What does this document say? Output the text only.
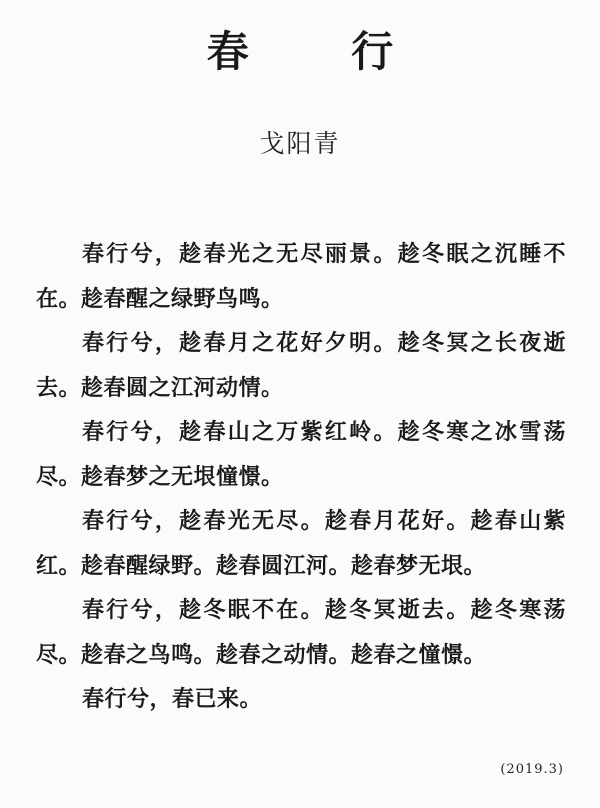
春 行
戈阳青

春行兮，趁春光之无尽丽景。趁冬眠之沉睡不在。趁春醒之绿野鸟鸣。

春行兮，趁春月之花好夕明。趁冬冥之长夜逝去。趁春圆之江河动情。

春行兮，趁春山之万紫红岭。趁冬寒之冰雪荡尽。趁春梦之无垠憧憬。

春行兮，趁春光无尽。趁春月花好。趁春山紫红。趁春醒绿野。趁春圆江河。趁春梦无垠。

春行兮，趁冬眠不在。趁冬冥逝去。趁冬寒荡尽。趁春之鸟鸣。趁春之动情。趁春之憧憬。

春行兮，春已来。

(2019.3)
